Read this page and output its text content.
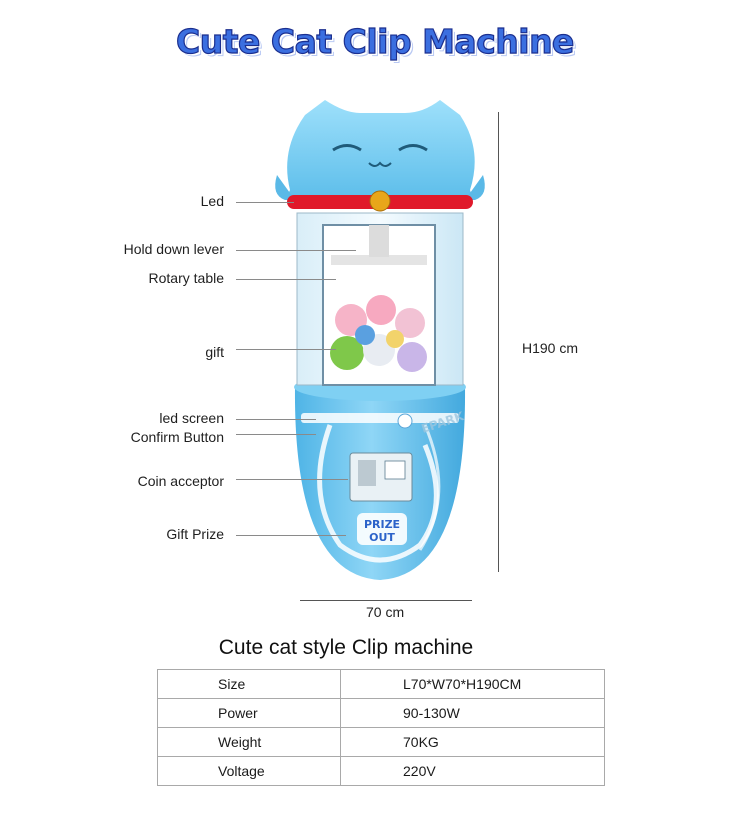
Cute Cat Clip Machine
PRIZE
OUT
EPARK
Led
Hold down lever
Rotary table
gift
led screen
Confirm Button
Coin acceptor
Gift Prize
H190 cm
70 cm
Cute cat style Clip machine
Size	L70*W70*H190CM
Power	90-130W
Weight	70KG
Voltage	220V
